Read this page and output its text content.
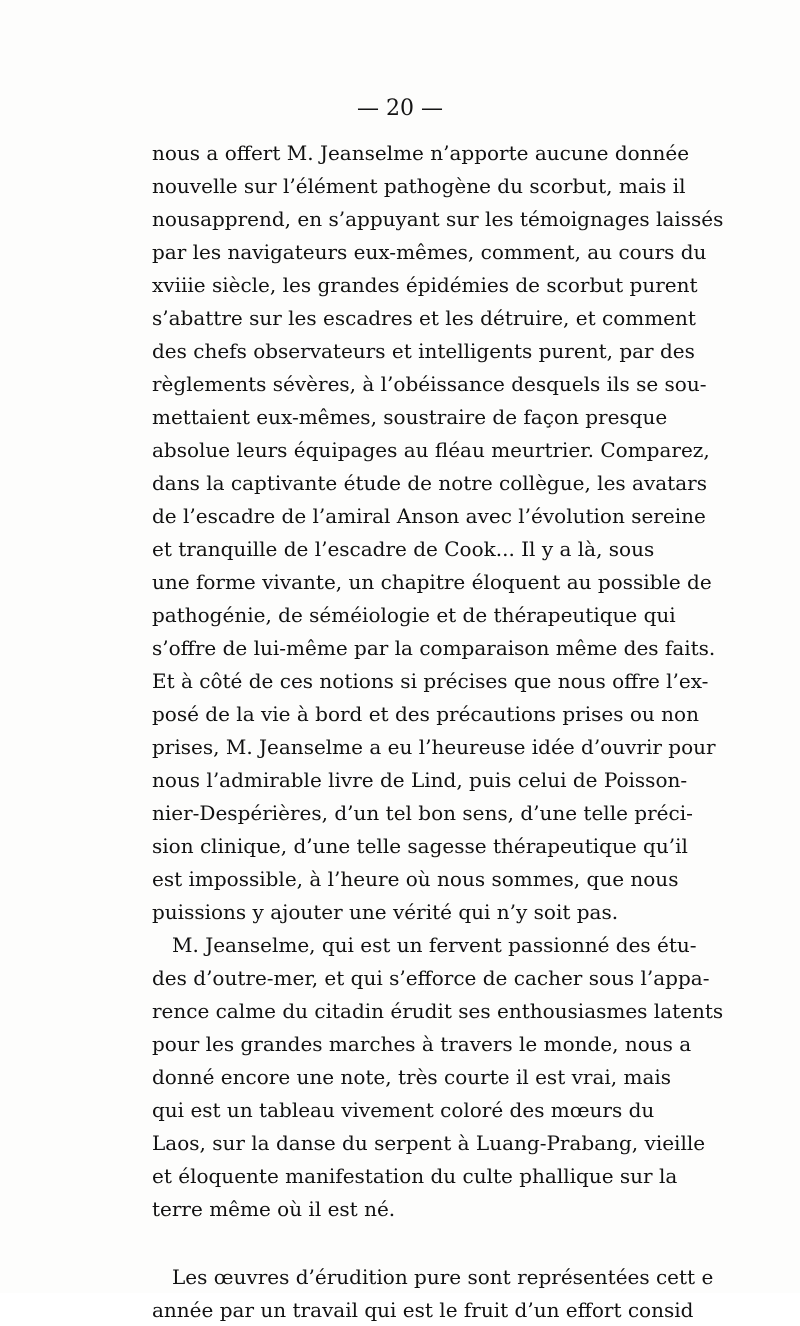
— 20 —
nous a offert M. Jeanselme n’apporte aucune donnée
nouvelle sur l’élément pathogène du scorbut, mais il
nousapprend, en s’appuyant sur les témoignages laissés
par les navigateurs eux-mêmes, comment, au cours du
xviiie siècle, les grandes épidémies de scorbut purent
s’abattre sur les escadres et les détruire, et comment
des chefs observateurs et intelligents purent, par des
règlements sévères, à l’obéissance desquels ils se sou-
mettaient eux-mêmes, soustraire de façon presque
absolue leurs équipages au fléau meurtrier. Comparez,
dans la captivante étude de notre collègue, les avatars
de l’escadre de l’amiral Anson avec l’évolution sereine
et tranquille de l’escadre de Cook... Il y a là, sous
une forme vivante, un chapitre éloquent au possible de
pathogénie, de séméiologie et de thérapeutique qui
s’offre de lui-même par la comparaison même des faits.
Et à côté de ces notions si précises que nous offre l’ex-
posé de la vie à bord et des précautions prises ou non
prises, M. Jeanselme a eu l’heureuse idée d’ouvrir pour
nous l’admirable livre de Lind, puis celui de Poisson-
nier-Despérières, d’un tel bon sens, d’une telle préci-
sion clinique, d’une telle sagesse thérapeutique qu’il
est impossible, à l’heure où nous sommes, que nous
puissions y ajouter une vérité qui n’y soit pas.
M. Jeanselme, qui est un fervent passionné des étu-
des d’outre-mer, et qui s’efforce de cacher sous l’appa-
rence calme du citadin érudit ses enthousiasmes latents
pour les grandes marches à travers le monde, nous a
donné encore une note, très courte il est vrai, mais
qui est un tableau vivement coloré des mœurs du
Laos, sur la danse du serpent à Luang-Prabang, vieille
et éloquente manifestation du culte phallique sur la
terre même où il est né.
Les œuvres d’érudition pure sont représentées cett e
année par un travail qui est le fruit d’un effort consid
